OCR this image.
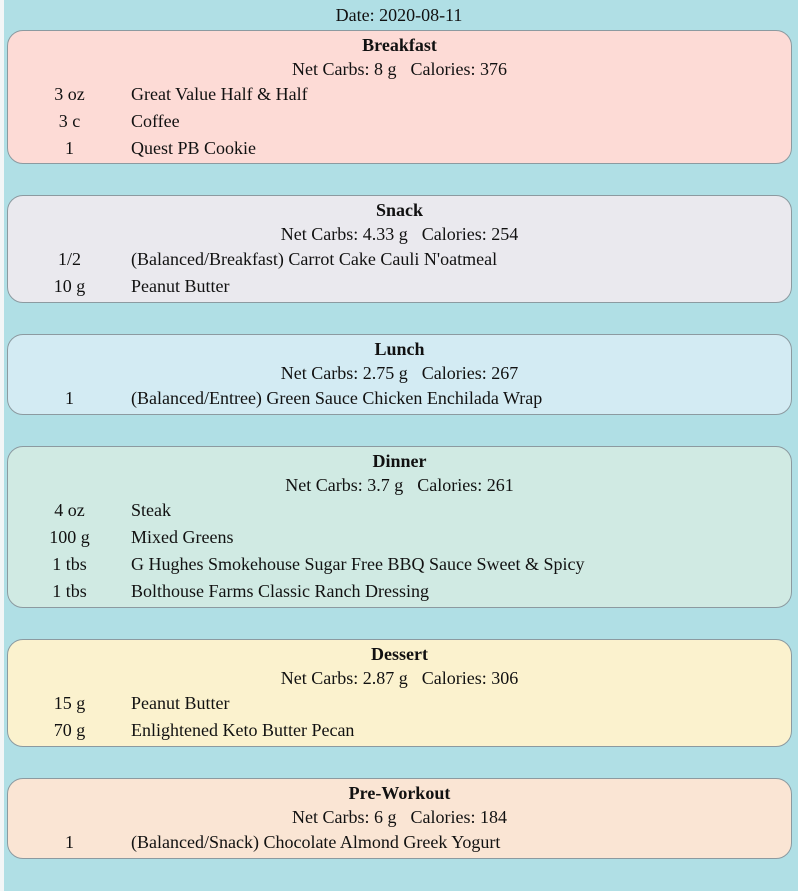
Date: 2020-08-11
Breakfast
Net Carbs: 8 g Calories: 376
3 oz	Great Value Half & Half
3 c	Coffee
1	Quest PB Cookie
Snack
Net Carbs: 4.33 g Calories: 254
1/2	(Balanced/Breakfast) Carrot Cake Cauli N'oatmeal
10 g	Peanut Butter
Lunch
Net Carbs: 2.75 g Calories: 267
1	(Balanced/Entree) Green Sauce Chicken Enchilada Wrap
Dinner
Net Carbs: 3.7 g Calories: 261
4 oz	Steak
100 g	Mixed Greens
1 tbs	G Hughes Smokehouse Sugar Free BBQ Sauce Sweet & Spicy
1 tbs	Bolthouse Farms Classic Ranch Dressing
Dessert
Net Carbs: 2.87 g Calories: 306
15 g	Peanut Butter
70 g	Enlightened Keto Butter Pecan
Pre-Workout
Net Carbs: 6 g Calories: 184
1	(Balanced/Snack) Chocolate Almond Greek Yogurt
